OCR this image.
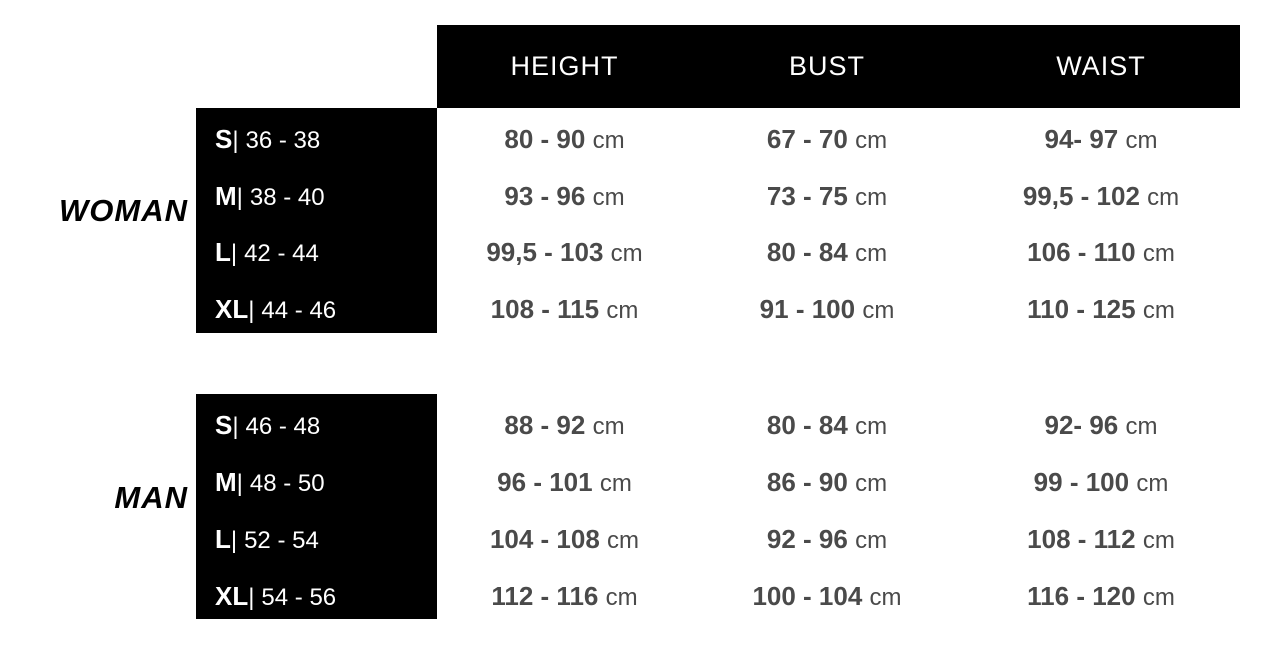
HEIGHT	BUST	WAIST
WOMAN
S| 36 - 38	80 - 90 cm	67 - 70 cm	94- 97 cm
M| 38 - 40	93 - 96 cm	73 - 75 cm	99,5 - 102 cm
L| 42 - 44	99,5 - 103 cm	80 - 84 cm	106 - 110 cm
XL| 44 - 46	108 - 115 cm	91 - 100 cm	110 - 125 cm
MAN
S| 46 - 48	88 - 92 cm	80 - 84 cm	92- 96 cm
M| 48 - 50	96 - 101 cm	86 - 90 cm	99 - 100 cm
L| 52 - 54	104 - 108 cm	92 - 96 cm	108 - 112 cm
XL| 54 - 56	112 - 116 cm	100 - 104 cm	116 - 120 cm
